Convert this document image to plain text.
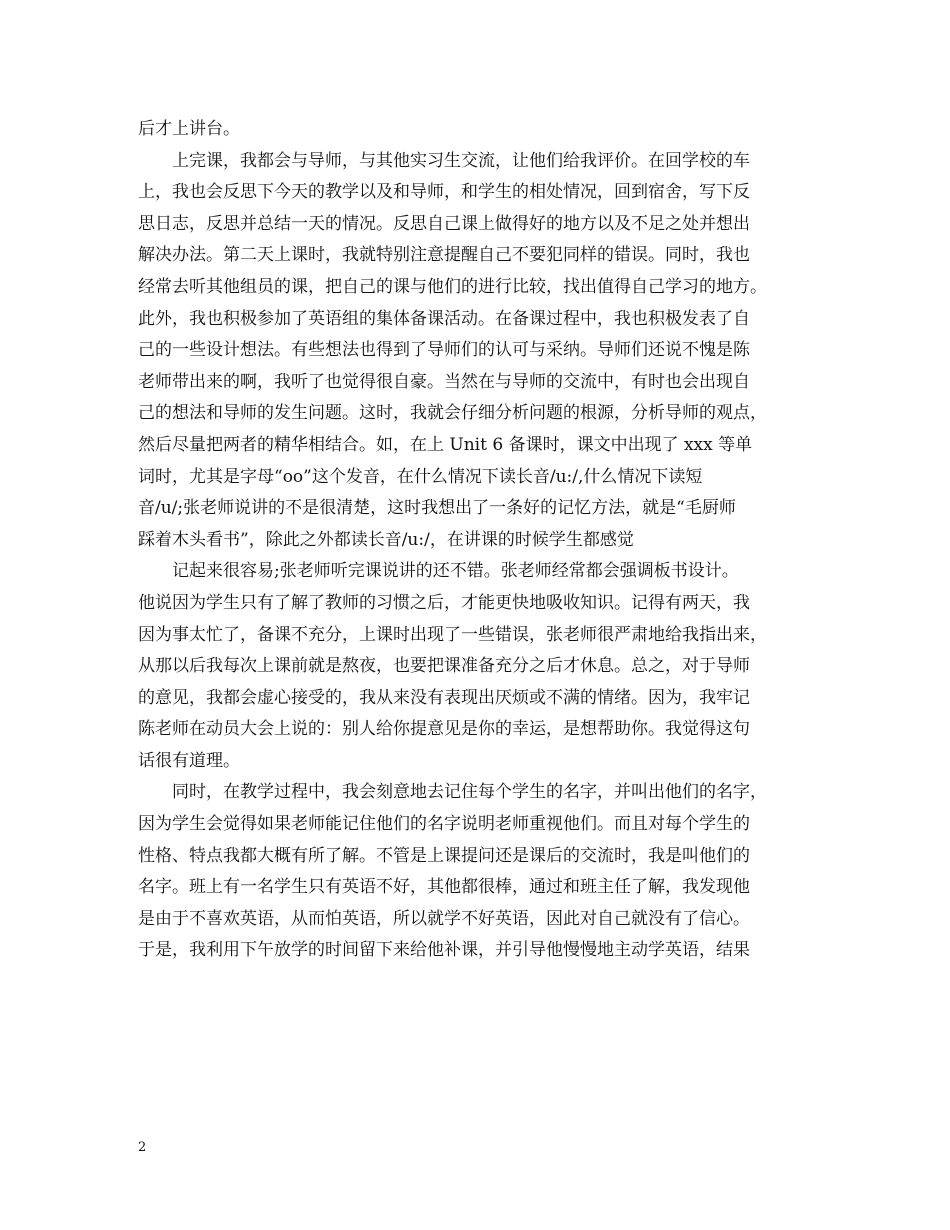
后才上讲台。
上完课，我都会与导师，与其他实习生交流，让他们给我评价。在回学校的车
上，我也会反思下今天的教学以及和导师，和学生的相处情况，回到宿舍，写下反
思日志，反思并总结一天的情况。反思自己课上做得好的地方以及不足之处并想出
解决办法。第二天上课时，我就特别注意提醒自己不要犯同样的错误。同时，我也
经常去听其他组员的课，把自己的课与他们的进行比较，找出值得自己学习的地方。
此外，我也积极参加了英语组的集体备课活动。在备课过程中，我也积极发表了自
己的一些设计想法。有些想法也得到了导师们的认可与采纳。导师们还说不愧是陈
老师带出来的啊，我听了也觉得很自豪。当然在与导师的交流中，有时也会出现自
己的想法和导师的发生问题。这时，我就会仔细分析问题的根源，分析导师的观点，
然后尽量把两者的精华相结合。如，在上 Unit 6 备课时，课文中出现了 xxx 等单
词时，尤其是字母“oo”这个发音，在什么情况下读长音/u:/,什么情况下读短
音/u/;张老师说讲的不是很清楚，这时我想出了一条好的记忆方法，就是“毛厨师
踩着木头看书”，除此之外都读长音/u:/，在讲课的时候学生都感觉
记起来很容易;张老师听完课说讲的还不错。张老师经常都会强调板书设计。
他说因为学生只有了解了教师的习惯之后，才能更快地吸收知识。记得有两天，我
因为事太忙了，备课不充分，上课时出现了一些错误，张老师很严肃地给我指出来，
从那以后我每次上课前就是熬夜，也要把课准备充分之后才休息。总之，对于导师
的意见，我都会虚心接受的，我从来没有表现出厌烦或不满的情绪。因为，我牢记
陈老师在动员大会上说的：别人给你提意见是你的幸运，是想帮助你。我觉得这句
话很有道理。
同时，在教学过程中，我会刻意地去记住每个学生的名字，并叫出他们的名字，
因为学生会觉得如果老师能记住他们的名字说明老师重视他们。而且对每个学生的
性格、特点我都大概有所了解。不管是上课提问还是课后的交流时，我是叫他们的
名字。班上有一名学生只有英语不好，其他都很棒，通过和班主任了解，我发现他
是由于不喜欢英语，从而怕英语，所以就学不好英语，因此对自己就没有了信心。
于是，我利用下午放学的时间留下来给他补课，并引导他慢慢地主动学英语，结果
2
